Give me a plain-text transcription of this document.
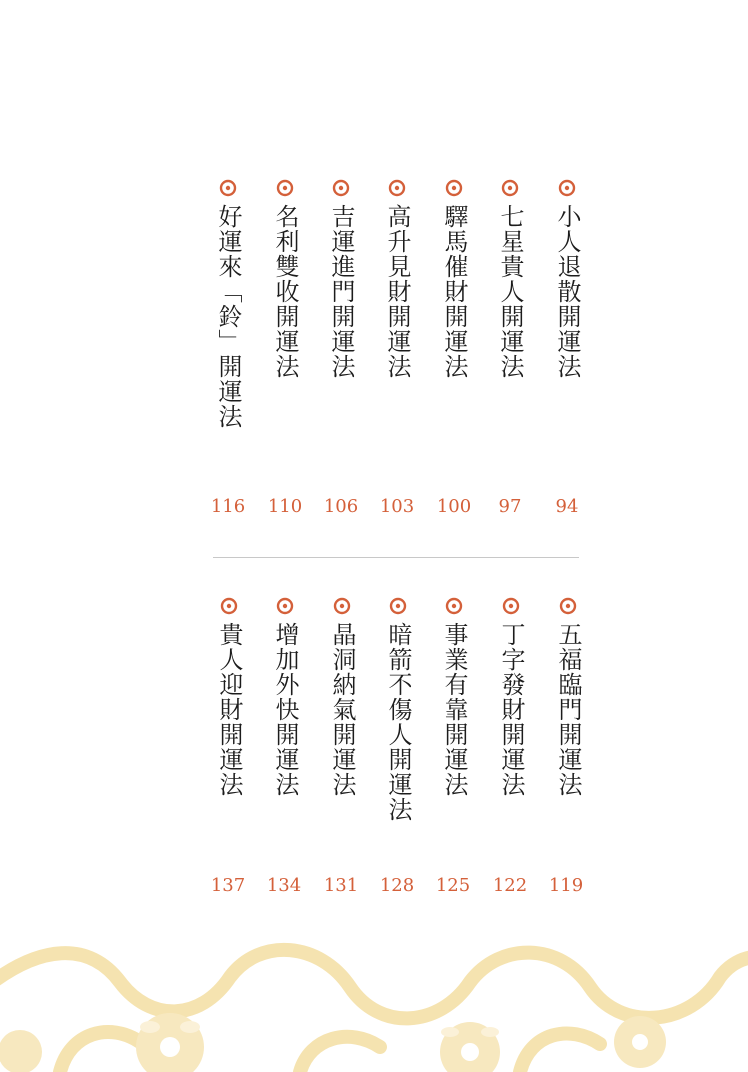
小人退散開運法
七星貴人開運法
驛馬催財開運法
高升見財開運法
吉運進門開運法
名利雙收開運法
好運來「鈴」開運法
94
97
100
103
106
110
116
五福臨門開運法
丁字發財開運法
事業有靠開運法
暗箭不傷人開運法
晶洞納氣開運法
增加外快開運法
貴人迎財開運法
119
122
125
128
131
134
137
